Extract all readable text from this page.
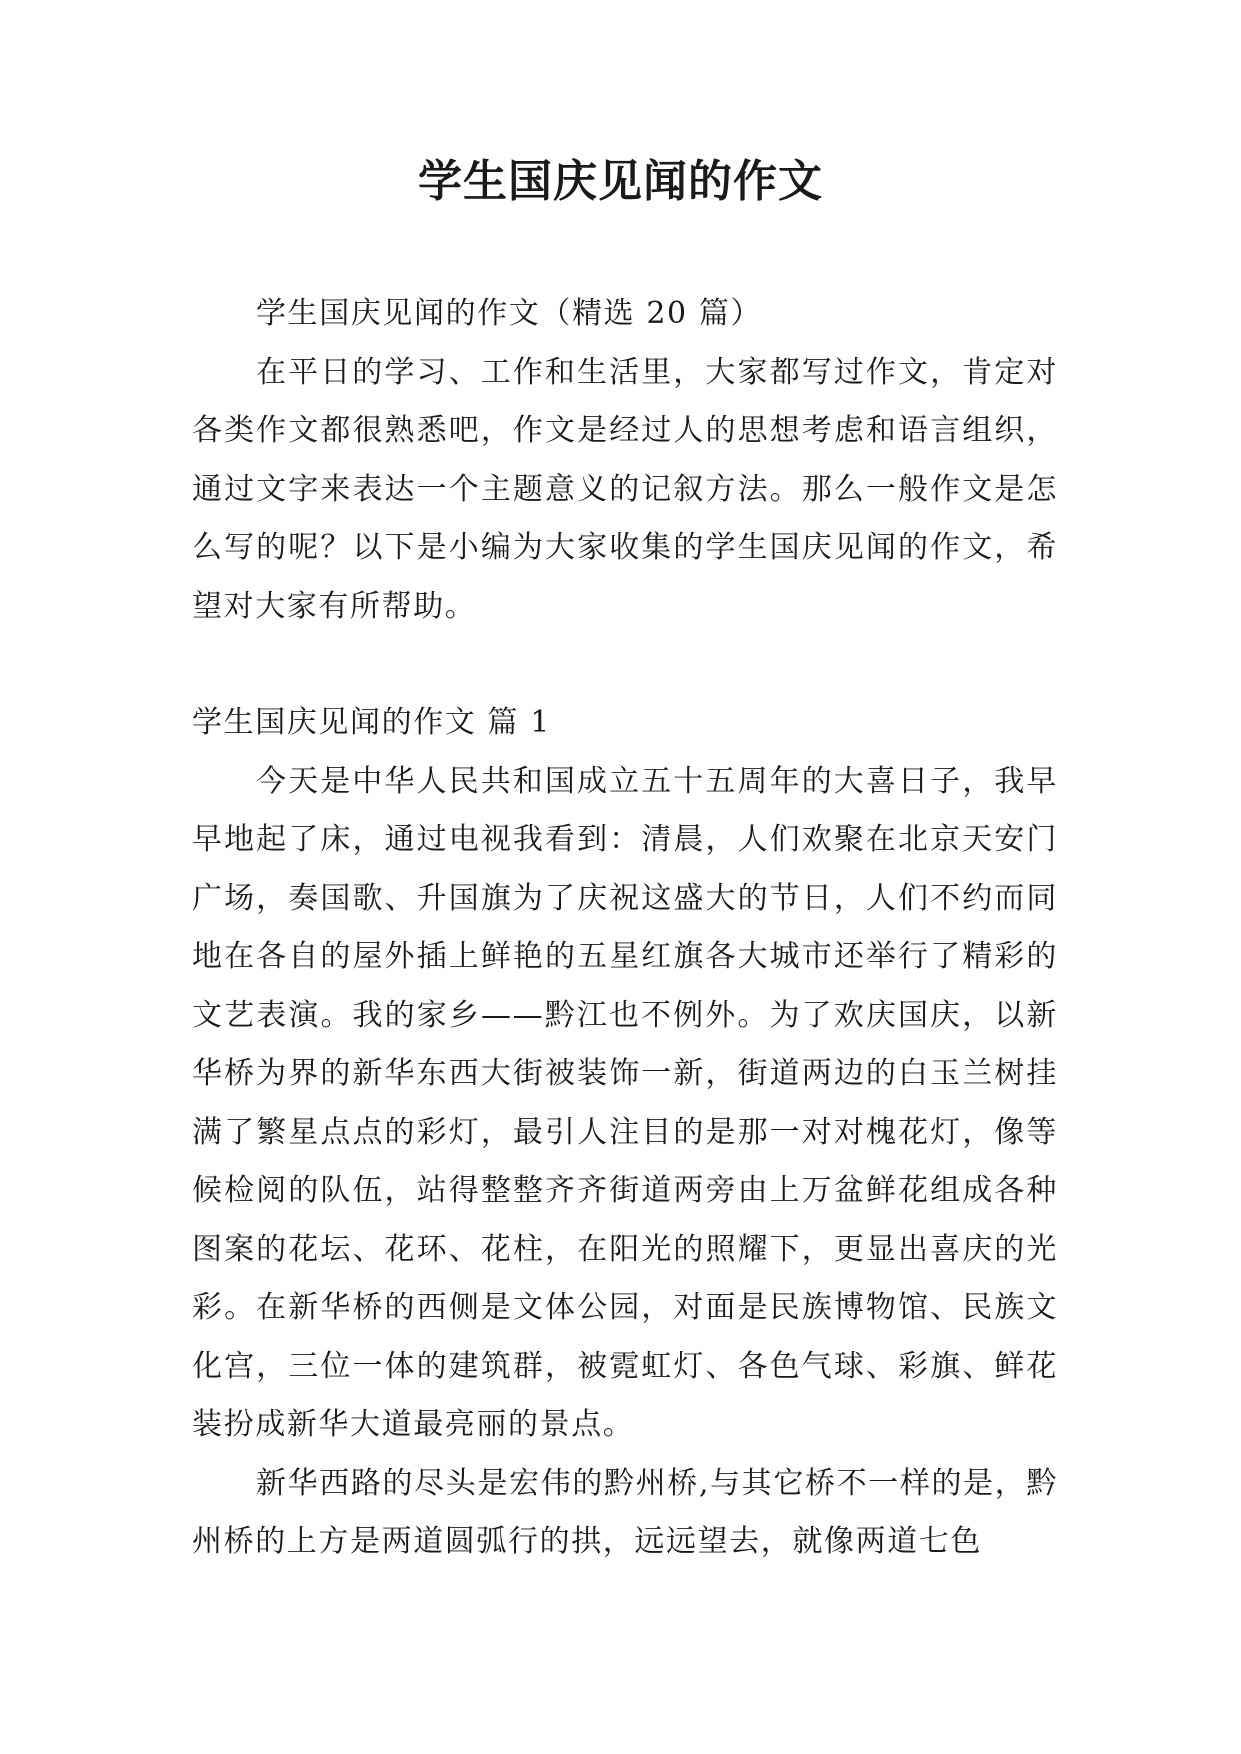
学生国庆见闻的作文

学生国庆见闻的作文（精选 20 篇）

在平日的学习、工作和生活里，大家都写过作文，肯定对各类作文都很熟悉吧，作文是经过人的思想考虑和语言组织，通过文字来表达一个主题意义的记叙方法。那么一般作文是怎么写的呢？以下是小编为大家收集的学生国庆见闻的作文，希望对大家有所帮助。

学生国庆见闻的作文 篇 1

今天是中华人民共和国成立五十五周年的大喜日子，我早早地起了床，通过电视我看到：清晨，人们欢聚在北京天安门广场，奏国歌、升国旗为了庆祝这盛大的节日，人们不约而同地在各自的屋外插上鲜艳的五星红旗各大城市还举行了精彩的文艺表演。我的家乡——黔江也不例外。为了欢庆国庆，以新华桥为界的新华东西大街被装饰一新，街道两边的白玉兰树挂满了繁星点点的彩灯，最引人注目的是那一对对槐花灯，像等候检阅的队伍，站得整整齐齐街道两旁由上万盆鲜花组成各种图案的花坛、花环、花柱，在阳光的照耀下，更显出喜庆的光彩。在新华桥的西侧是文体公园，对面是民族博物馆、民族文化宫，三位一体的建筑群，被霓虹灯、各色气球、彩旗、鲜花装扮成新华大道最亮丽的景点。

新华西路的尽头是宏伟的黔州桥,与其它桥不一样的是，黔州桥的上方是两道圆弧行的拱，远远望去，就像两道七色
